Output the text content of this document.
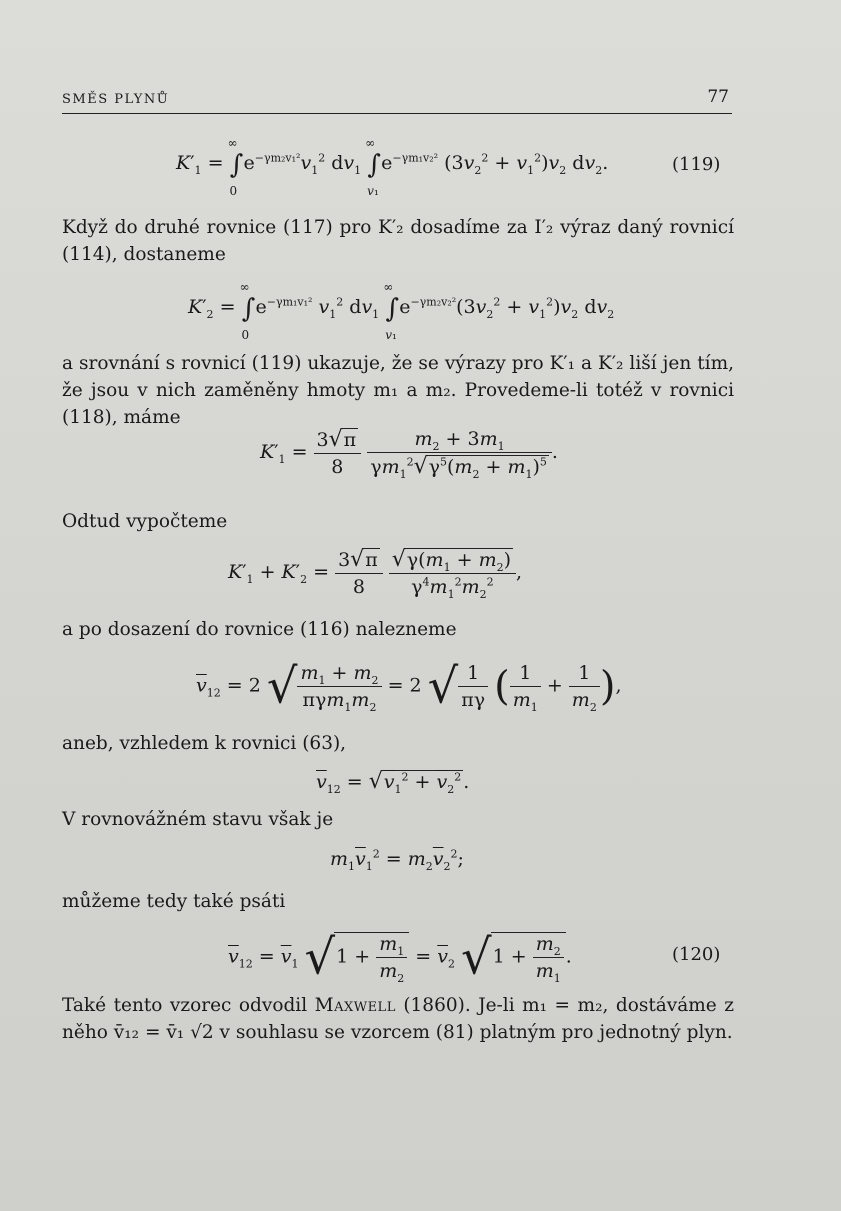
SMĚS PLYNŮ	77
$K'_1$ = ∫
∞
0
$e^{-\gamma m_2v_1^2}v_1^2$ $dv_1$ ∫
∞
v₁
$e^{-\gamma m_1v_2^2}$ $(3v_2^2 + v_1^2)v_2$ $dv_2$.	(119)
Když do druhé rovnice (117) pro K′₂ dosadíme za I′₂ výraz daný rovnicí (114), dostaneme
$K'_2$ = ∫
∞
0
$e^{-\gamma m_1v_1^2}$ $v_1^2$ $dv_1$ ∫
∞
v₁
$e^{-\gamma m_2v_2^2}(3v_2^2 + v_1^2)v_2$ $dv_2$
a srovnání s rovnicí (119) ukazuje, že se výrazy pro K′₁ a K′₂ liší jen tím, že jsou v nich zaměněny hmoty m₁ a m₂. Provedeme-li totéž v rovnici (118), máme
$K'_1 = \frac{3√\pi}{8}$
$\frac{m_2 + 3m_1}{\gamma m_1^2√\gamma^5(m_2 + m_1)^5}$ .
Odtud vypočteme
$K'_1 + K'_2 = \frac{3√\pi}{8}$
$\frac{√\gamma(m_1 + m_2)}{\gamma^4m_1^2m_2^2}$ ,
a po dosazení do rovnice (116) nalezneme
$\overline{v}_{12} = 2$ √ $\frac{m_1 + m_2}{\pi\gamma m_1m_2} = 2$ √ $\frac{1}{\pi\gamma}$ ( $\frac{1}{m_1} + \frac{1}{m_2}$ ),
aneb, vzhledem k rovnici (63),
$\overline{v}_{12} = √v_1^2 + \overline{v}_2^2$ .
V rovnovážném stavu však je
$m_1\overline{v}_1^2 = m_2\overline{v}_2^2$;
můžeme tedy také psáti
$\overline{v}_{12} = \overline{v}_1$ $√1 + \frac{m_1}{m_2} = \overline{v}_2$ $√1 + \frac{m_2}{m_1}$ .	(120)
Také tento vzorec odvodil Maxwell (1860). Je-li m₁ = m₂, dostáváme z něho v̄₁₂ = v̄₁ √2 v souhlasu se vzorcem (81) platným pro jednotný plyn.
